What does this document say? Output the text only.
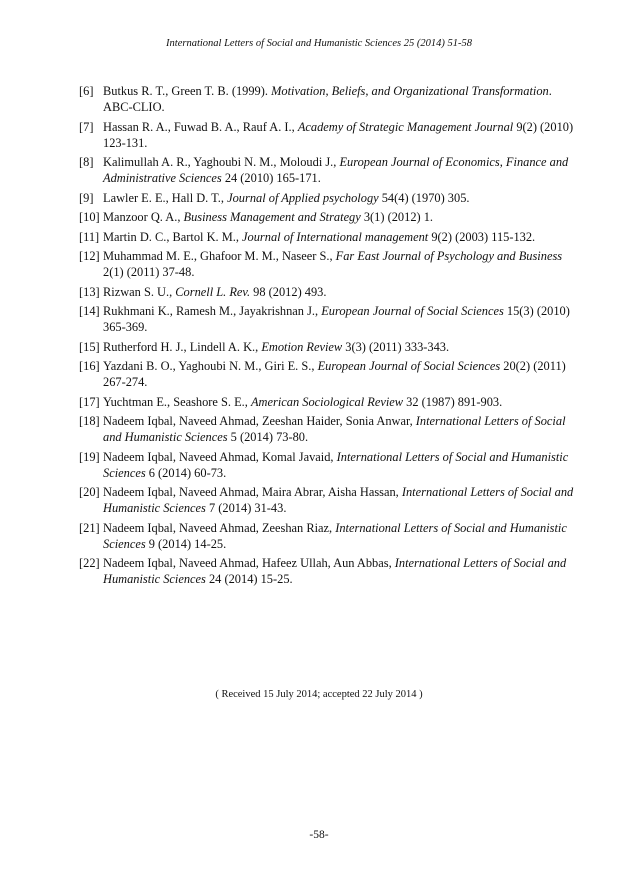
International Letters of Social and Humanistic Sciences 25 (2014) 51-58
[6] Butkus R. T., Green T. B. (1999). Motivation, Beliefs, and Organizational Transformation. ABC-CLIO.
[7] Hassan R. A., Fuwad B. A., Rauf A. I., Academy of Strategic Management Journal 9(2) (2010) 123-131.
[8] Kalimullah A. R., Yaghoubi N. M., Moloudi J., European Journal of Economics, Finance and Administrative Sciences 24 (2010) 165-171.
[9] Lawler E. E., Hall D. T., Journal of Applied psychology 54(4) (1970) 305.
[10] Manzoor Q. A., Business Management and Strategy 3(1) (2012) 1.
[11] Martin D. C., Bartol K. M., Journal of International management 9(2) (2003) 115-132.
[12] Muhammad M. E., Ghafoor M. M., Naseer S., Far East Journal of Psychology and Business 2(1) (2011) 37-48.
[13] Rizwan S. U., Cornell L. Rev. 98 (2012) 493.
[14] Rukhmani K., Ramesh M., Jayakrishnan J., European Journal of Social Sciences 15(3) (2010) 365-369.
[15] Rutherford H. J., Lindell A. K., Emotion Review 3(3) (2011) 333-343.
[16] Yazdani B. O., Yaghoubi N. M., Giri E. S., European Journal of Social Sciences 20(2) (2011) 267-274.
[17] Yuchtman E., Seashore S. E., American Sociological Review 32 (1987) 891-903.
[18] Nadeem Iqbal, Naveed Ahmad, Zeeshan Haider, Sonia Anwar, International Letters of Social and Humanistic Sciences 5 (2014) 73-80.
[19] Nadeem Iqbal, Naveed Ahmad, Komal Javaid, International Letters of Social and Humanistic Sciences 6 (2014) 60-73.
[20] Nadeem Iqbal, Naveed Ahmad, Maira Abrar, Aisha Hassan, International Letters of Social and Humanistic Sciences 7 (2014) 31-43.
[21] Nadeem Iqbal, Naveed Ahmad, Zeeshan Riaz, International Letters of Social and Humanistic Sciences 9 (2014) 14-25.
[22] Nadeem Iqbal, Naveed Ahmad, Hafeez Ullah, Aun Abbas, International Letters of Social and Humanistic Sciences 24 (2014) 15-25.
( Received 15 July 2014; accepted 22 July 2014 )
-58-
